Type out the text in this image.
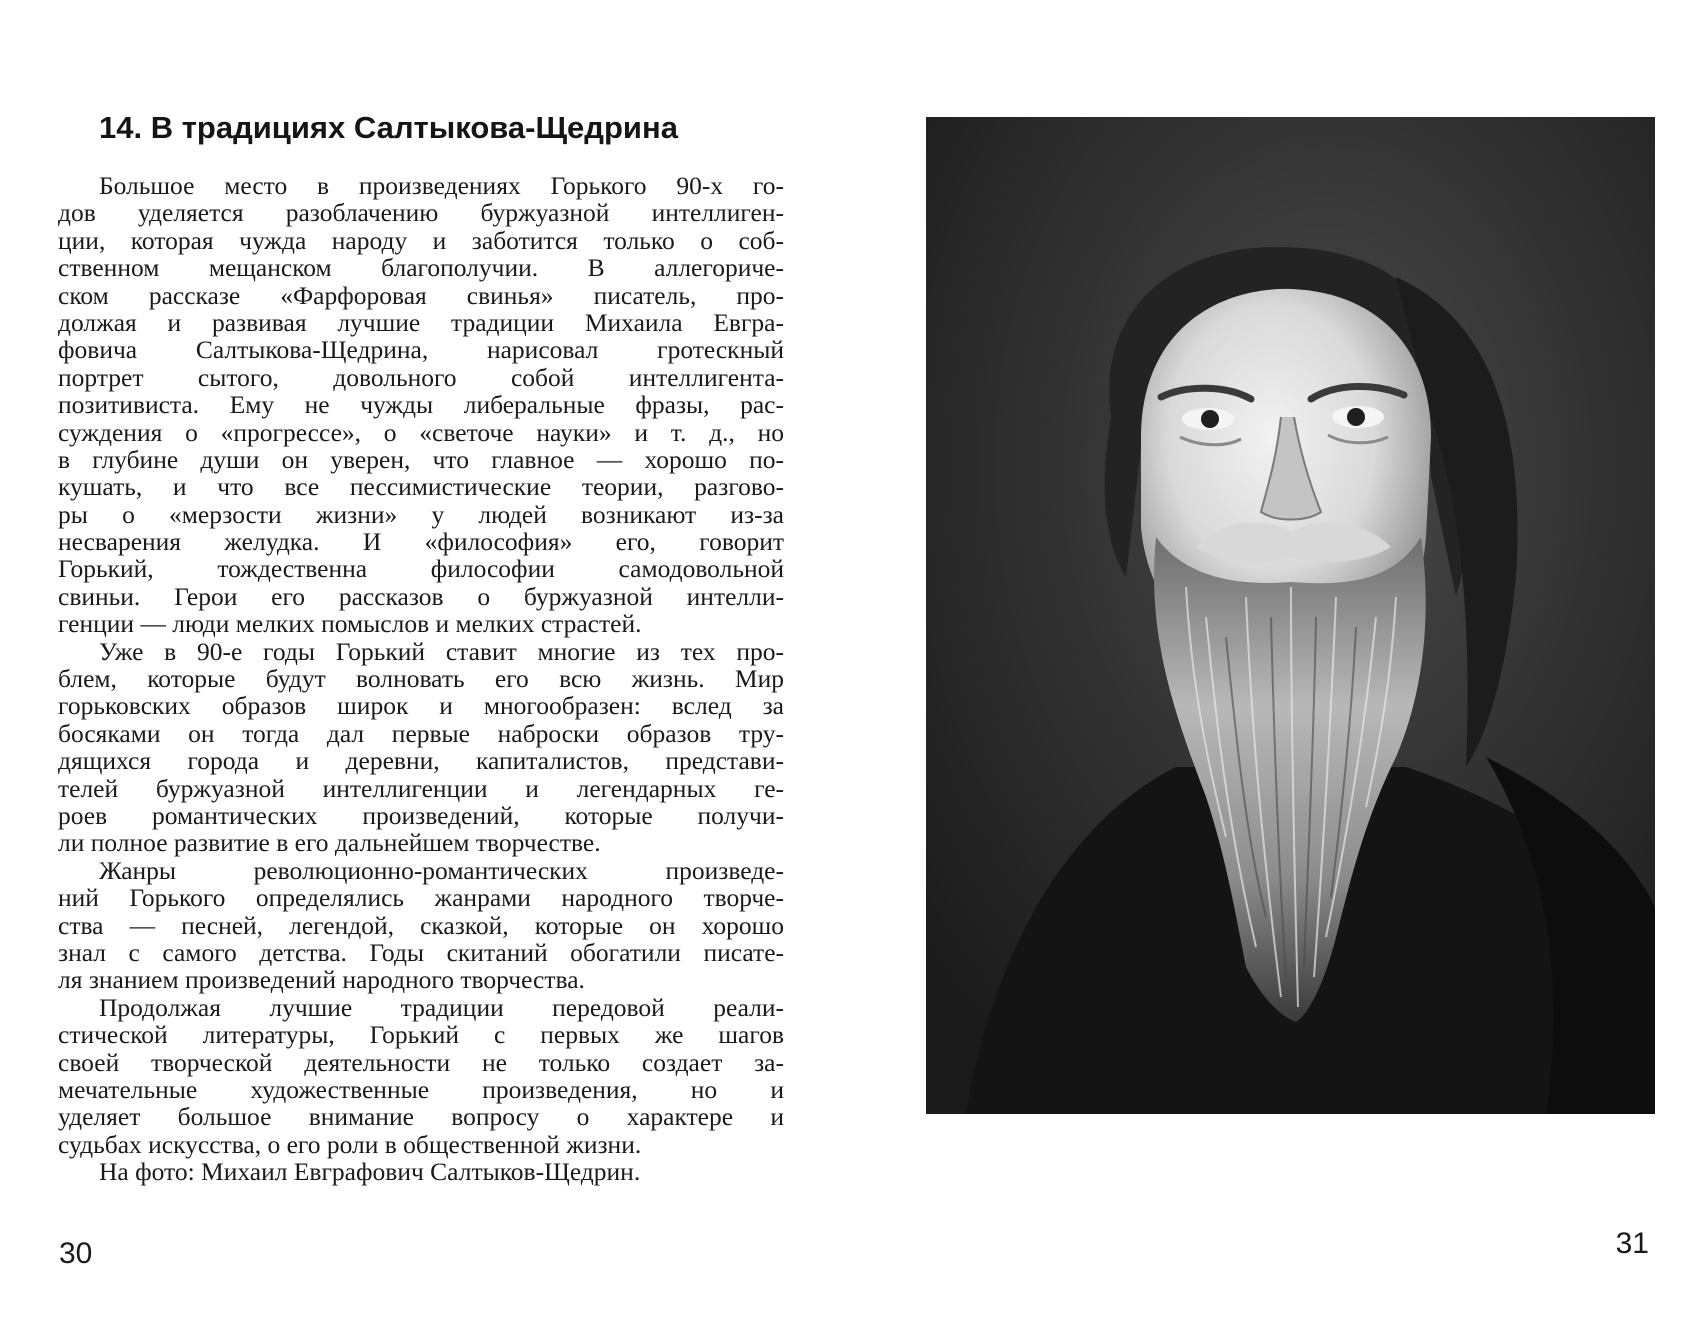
14. В традициях Салтыкова-Щедрина
Большое место в произведениях Горького 90-х го-
дов уделяется разоблачению буржуазной интеллиген-
ции, которая чужда народу и заботится только о соб-
ственном мещанском благополучии. В аллегориче-
ском рассказе «Фарфоровая свинья» писатель, про-
должая и развивая лучшие традиции Михаила Евгра-
фовича Салтыкова-Щедрина, нарисовал гротескный
портрет сытого, довольного собой интеллигента-
позитивиста. Ему не чужды либеральные фразы, рас-
суждения о «прогрессе», о «светоче науки» и т. д., но
в глубине души он уверен, что главное — хорошо по-
кушать, и что все пессимистические теории, разгово-
ры о «мерзости жизни» у людей возникают из-за
несварения желудка. И «философия» его, говорит
Горький, тождественна философии самодовольной
свиньи. Герои его рассказов о буржуазной интелли-
генции — люди мелких помыслов и мелких страстей.
Уже в 90-е годы Горький ставит многие из тех про-
блем, которые будут волновать его всю жизнь. Мир
горьковских образов широк и многообразен: вслед за
босяками он тогда дал первые наброски образов тру-
дящихся города и деревни, капиталистов, представи-
телей буржуазной интеллигенции и легендарных ге-
роев романтических произведений, которые получи-
ли полное развитие в его дальнейшем творчестве.
Жанры революционно-романтических произведе-
ний Горького определялись жанрами народного творче-
ства — песней, легендой, сказкой, которые он хорошо
знал с самого детства. Годы скитаний обогатили писате-
ля знанием произведений народного творчества.
Продолжая лучшие традиции передовой реали-
стической литературы, Горький с первых же шагов
своей творческой деятельности не только создает за-
мечательные художественные произведения, но и
уделяет большое внимание вопросу о характере и
судьбах искусства, о его роли в общественной жизни.
На фото: Михаил Евграфович Салтыков-Щедрин.
30	31
